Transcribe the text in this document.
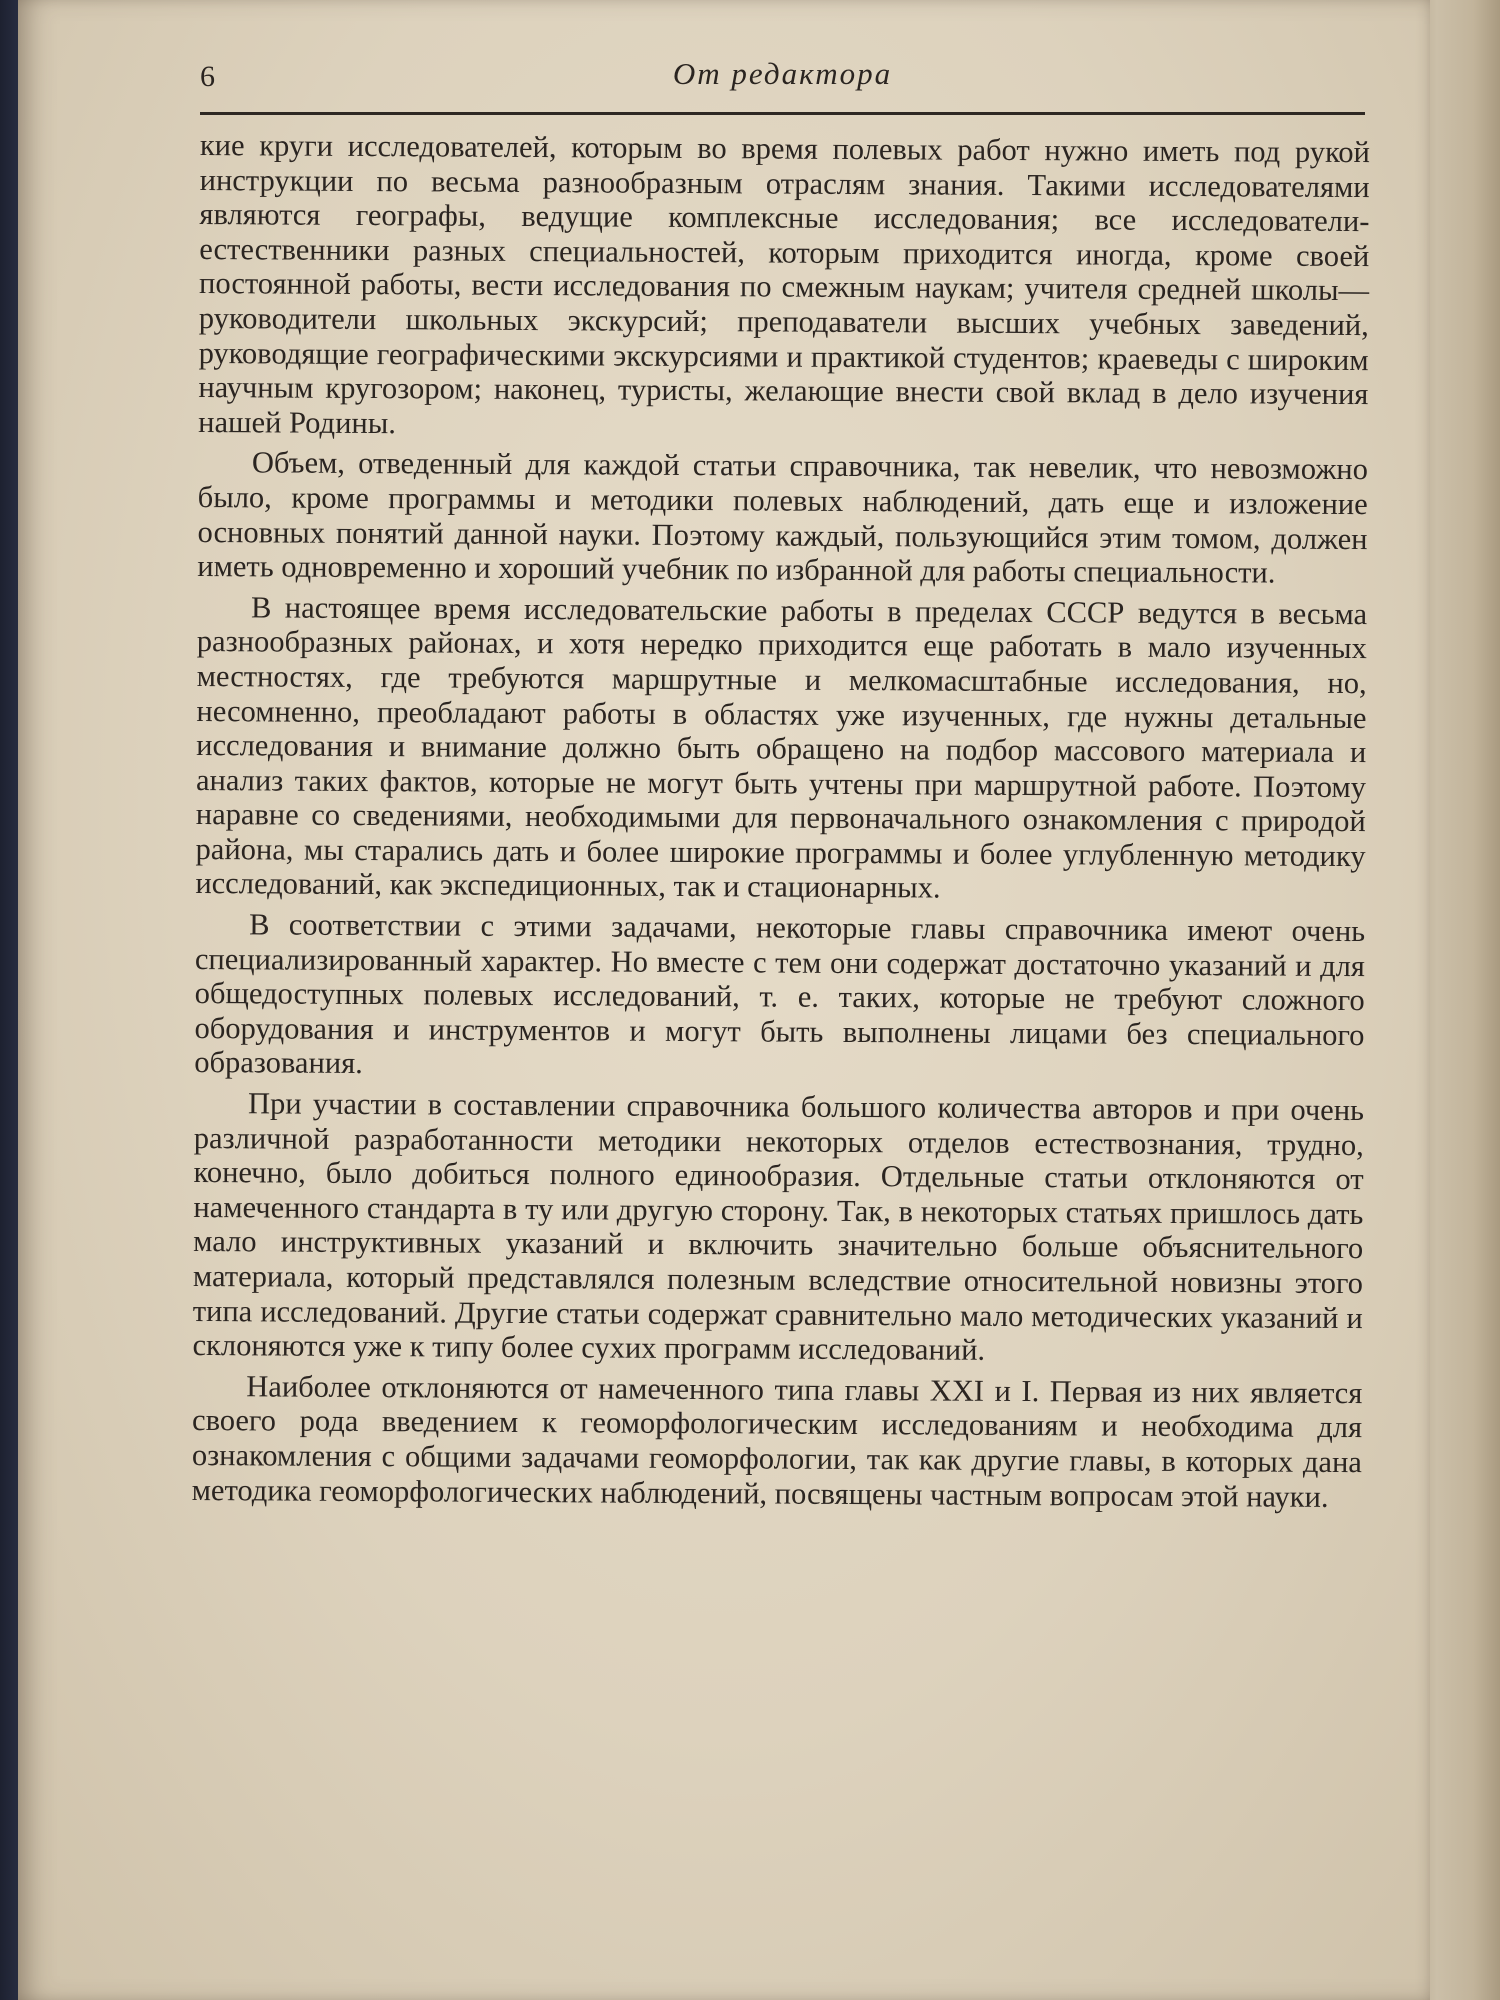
6	От редактора

кие круги исследователей, которым во время полевых работ нужно иметь под рукой инструкции по весьма разнообразным отраслям знания. Такими исследователями являются географы, ведущие комплексные исследования; все исследователи-естественники разных специальностей, которым приходится иногда, кроме своей постоянной работы, вести исследования по смежным наукам; учителя средней школы—руководители школьных экскурсий; преподаватели высших учебных заведений, руководящие географическими экскурсиями и практикой студентов; краеведы с широким научным кругозором; наконец, туристы, желающие внести свой вклад в дело изучения нашей Родины.

Объем, отведенный для каждой статьи справочника, так невелик, что невозможно было, кроме программы и методики полевых наблюдений, дать еще и изложение основных понятий данной науки. Поэтому каждый, пользующийся этим томом, должен иметь одновременно и хороший учебник по избранной для работы специальности.

В настоящее время исследовательские работы в пределах СССР ведутся в весьма разнообразных районах, и хотя нередко приходится еще работать в мало изученных местностях, где требуются маршрутные и мелкомасштабные исследования, но, несомненно, преобладают работы в областях уже изученных, где нужны детальные исследования и внимание должно быть обращено на подбор массового материала и анализ таких фактов, которые не могут быть учтены при маршрутной работе. Поэтому наравне со сведениями, необходимыми для первоначального ознакомления с природой района, мы старались дать и более широкие программы и более углубленную методику исследований, как экспедиционных, так и стационарных.

В соответствии с этими задачами, некоторые главы справочника имеют очень специализированный характер. Но вместе с тем они содержат достаточно указаний и для общедоступных полевых исследований, т. е. таких, которые не требуют сложного оборудования и инструментов и могут быть выполнены лицами без специального образования.

При участии в составлении справочника большого количества авторов и при очень различной разработанности методики некоторых отделов естествознания, трудно, конечно, было добиться полного единообразия. Отдельные статьи отклоняются от намеченного стандарта в ту или другую сторону. Так, в некоторых статьях пришлось дать мало инструктивных указаний и включить значительно больше объяснительного материала, который представлялся полезным вследствие относительной новизны этого типа исследований. Другие статьи содержат сравнительно мало методических указаний и склоняются уже к типу более сухих программ исследований.

Наиболее отклоняются от намеченного типа главы XXI и I. Первая из них является своего рода введением к геоморфологическим исследованиям и необходима для ознакомления с общими задачами геоморфологии, так как другие главы, в которых дана методика геоморфологических наблюдений, посвящены частным вопросам этой науки.
